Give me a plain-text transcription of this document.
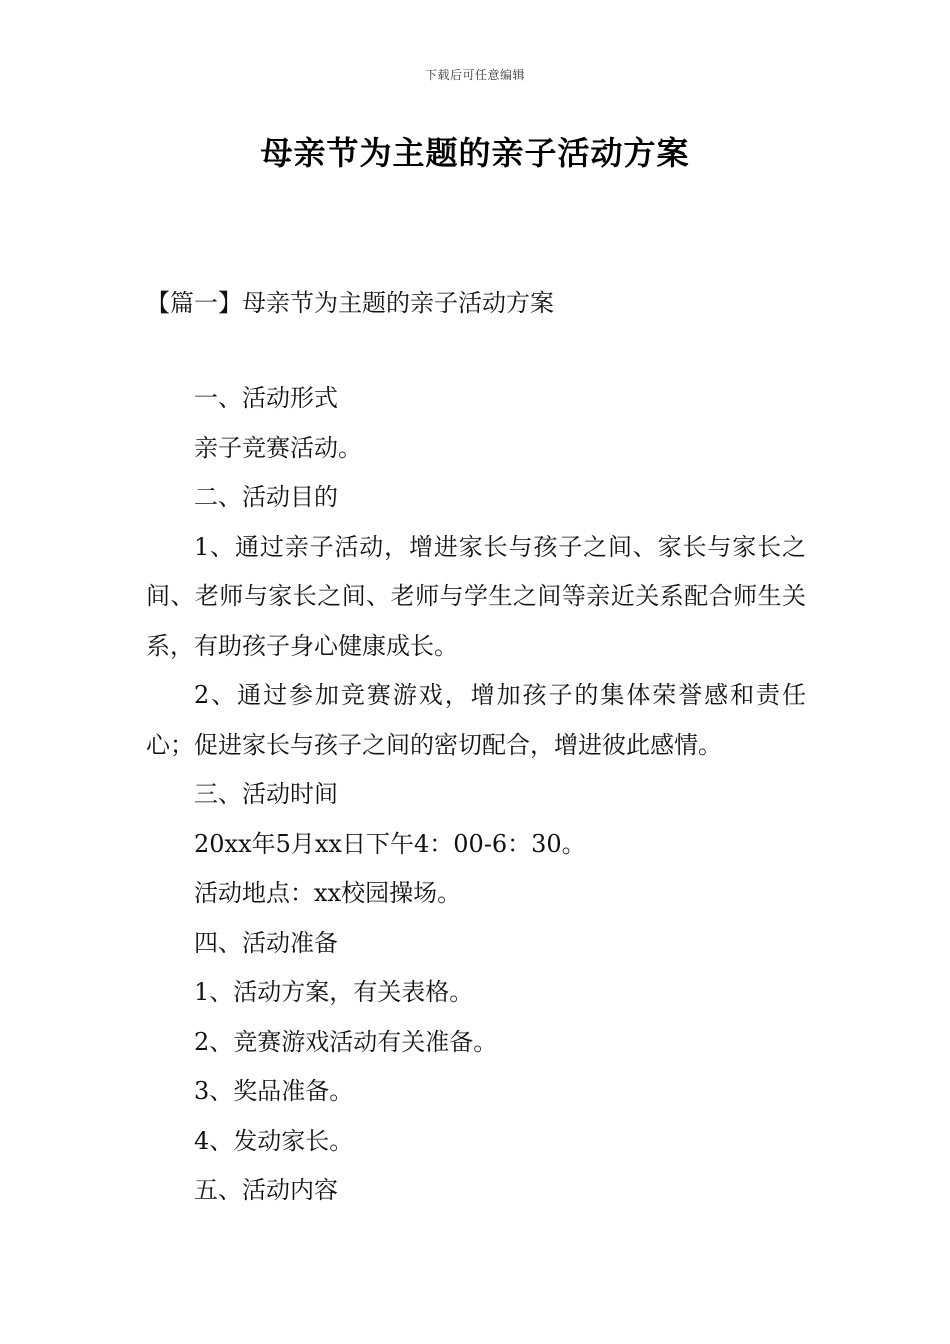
下载后可任意编辑
母亲节为主题的亲子活动方案
【篇一】母亲节为主题的亲子活动方案

一、活动形式

亲子竞赛活动。

二、活动目的

1、通过亲子活动，增进家长与孩子之间、家长与家长之间、老师与家长之间、老师与学生之间等亲近关系配合师生关系，有助孩子身心健康成长。

2、通过参加竞赛游戏，增加孩子的集体荣誉感和责任心；促进家长与孩子之间的密切配合，增进彼此感情。

三、活动时间

20xx年5月xx日下午4：00-6：30。

活动地点：xx校园操场。

四、活动准备

1、活动方案，有关表格。

2、竞赛游戏活动有关准备。

3、奖品准备。

4、发动家长。

五、活动内容
